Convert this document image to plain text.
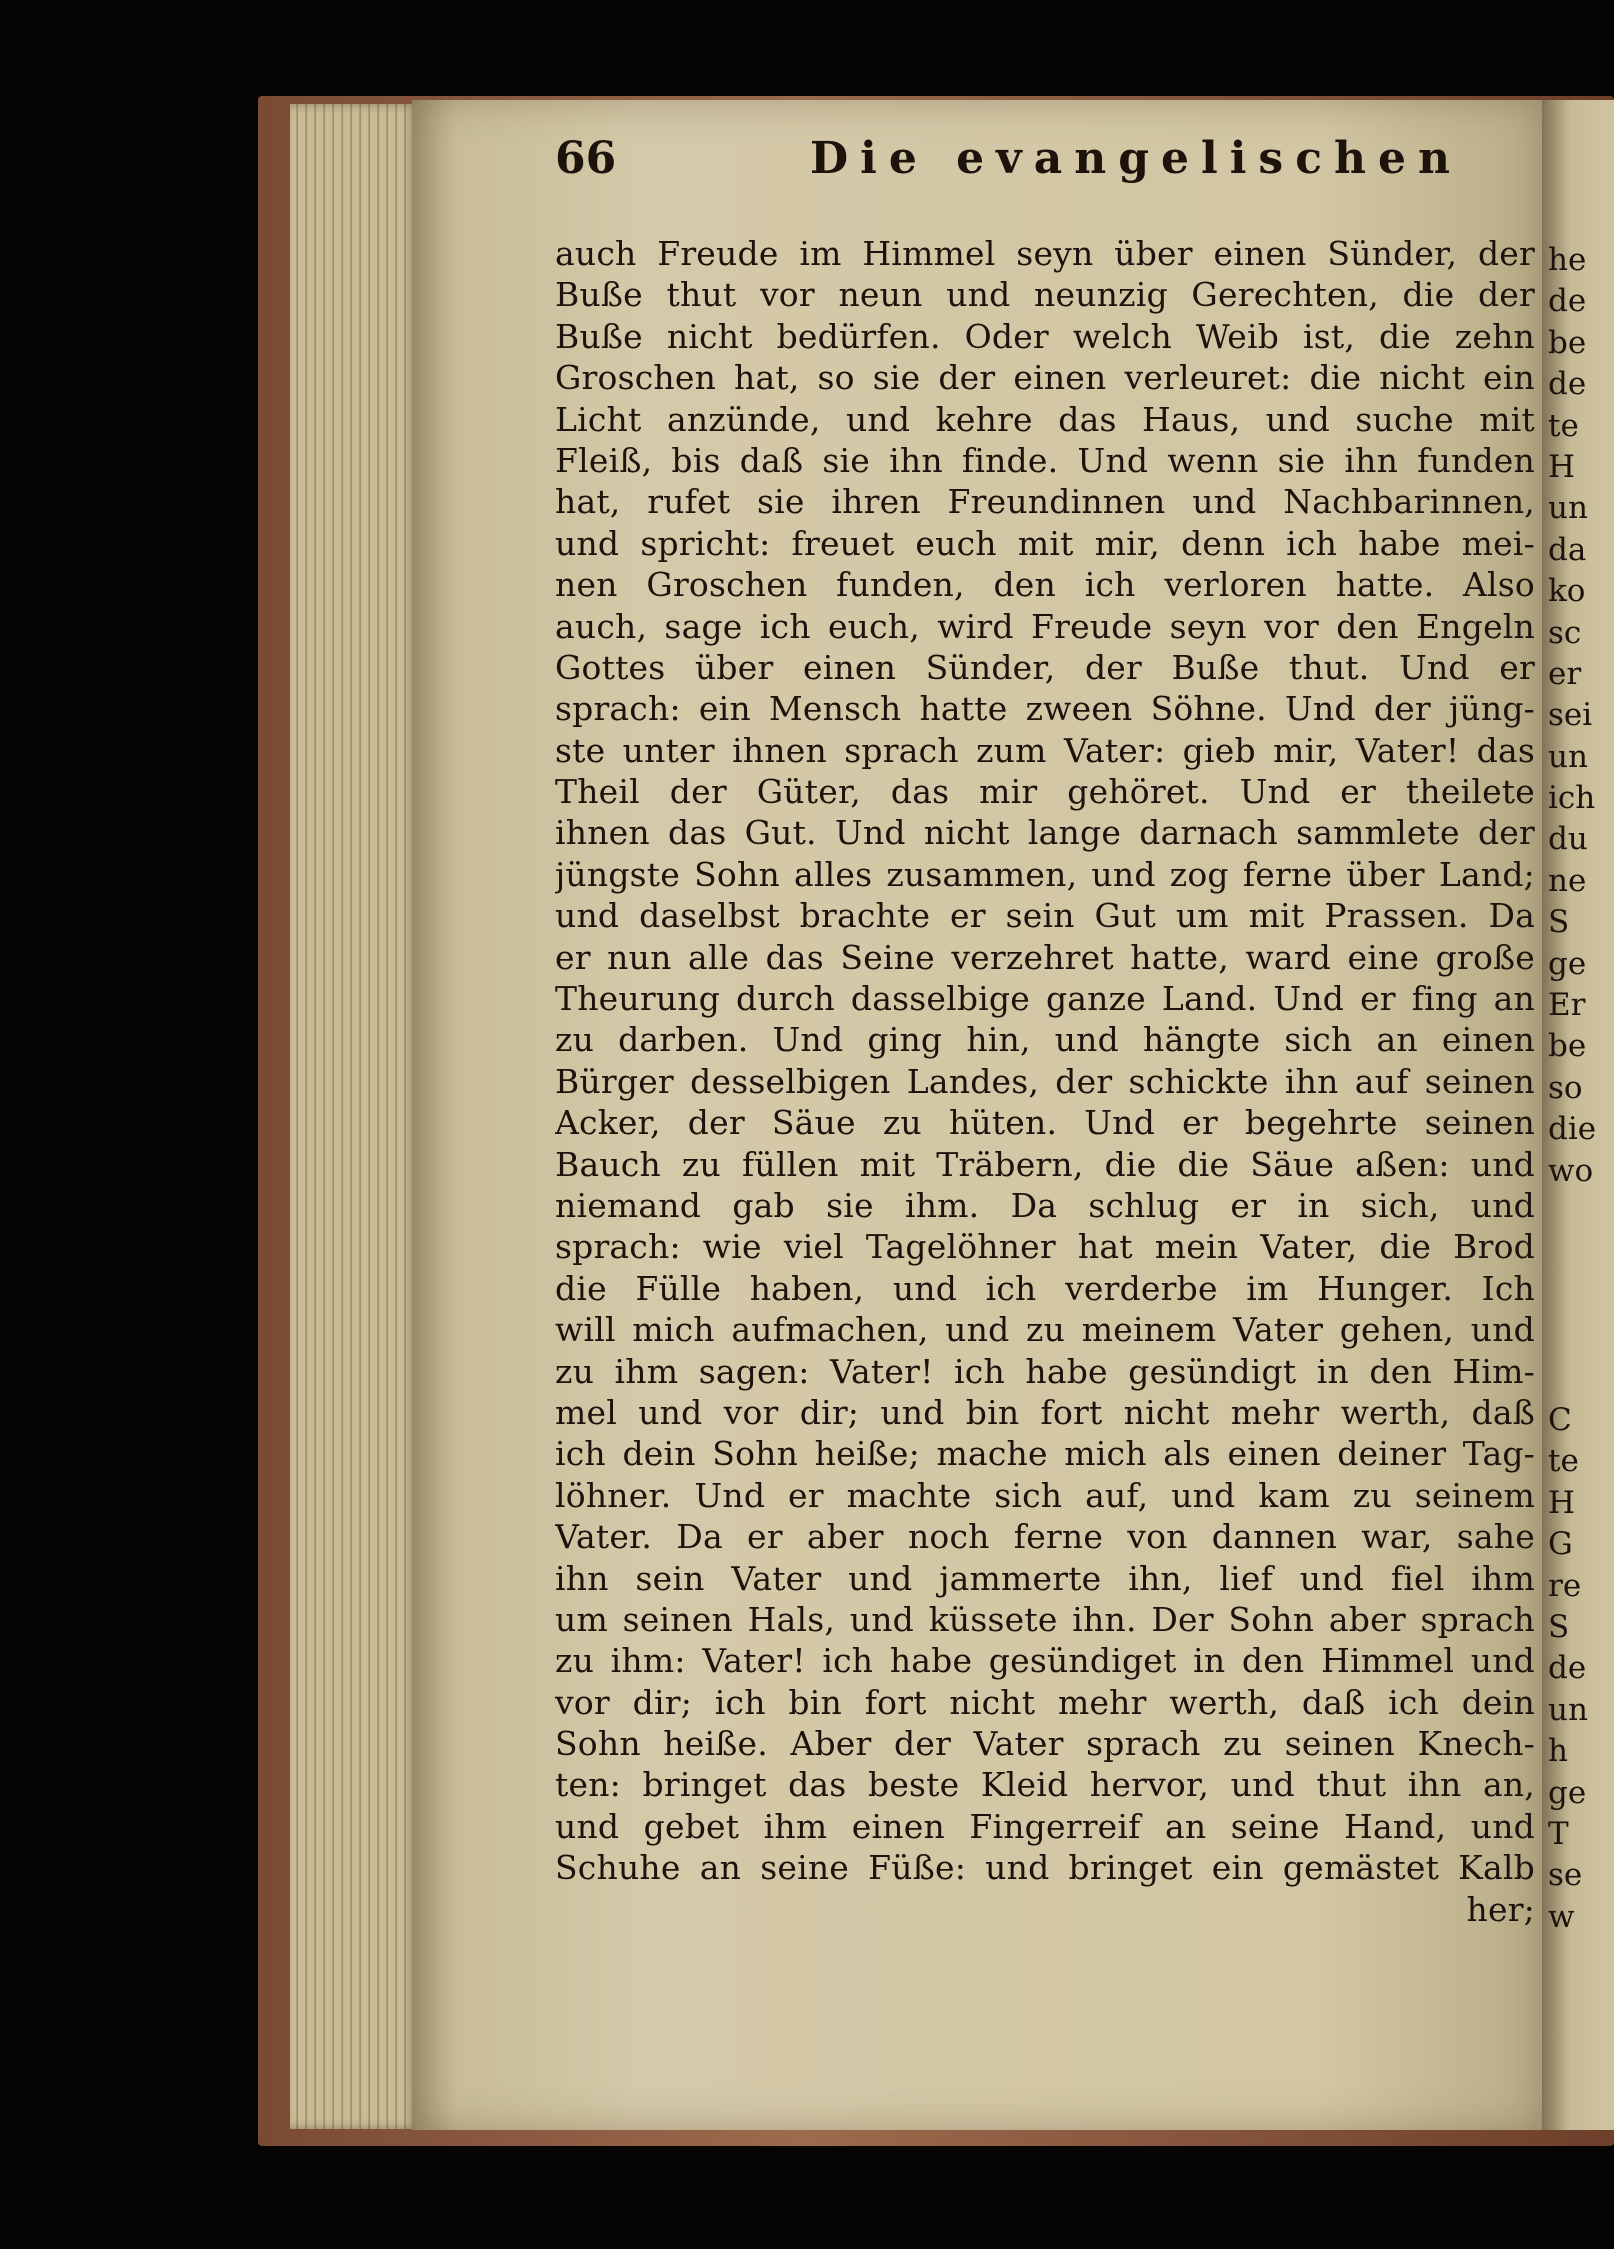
66	Die evangelischen
auch Freude im Himmel seyn über einen Sünder, der
Buße thut vor neun und neunzig Gerechten, die der
Buße nicht bedürfen. Oder welch Weib ist, die zehn
Groschen hat, so sie der einen verleuret: die nicht ein
Licht anzünde, und kehre das Haus, und suche mit
Fleiß, bis daß sie ihn finde. Und wenn sie ihn funden
hat, rufet sie ihren Freundinnen und Nachbarinnen,
und spricht: freuet euch mit mir, denn ich habe mei-
nen Groschen funden, den ich verloren hatte. Also
auch, sage ich euch, wird Freude seyn vor den Engeln
Gottes über einen Sünder, der Buße thut. Und er
sprach: ein Mensch hatte zween Söhne. Und der jüng-
ste unter ihnen sprach zum Vater: gieb mir, Vater! das
Theil der Güter, das mir gehöret. Und er theilete
ihnen das Gut. Und nicht lange darnach sammlete der
jüngste Sohn alles zusammen, und zog ferne über Land;
und daselbst brachte er sein Gut um mit Prassen. Da
er nun alle das Seine verzehret hatte, ward eine große
Theurung durch dasselbige ganze Land. Und er fing an
zu darben. Und ging hin, und hängte sich an einen
Bürger desselbigen Landes, der schickte ihn auf seinen
Acker, der Säue zu hüten. Und er begehrte seinen
Bauch zu füllen mit Träbern, die die Säue aßen: und
niemand gab sie ihm. Da schlug er in sich, und
sprach: wie viel Tagelöhner hat mein Vater, die Brod
die Fülle haben, und ich verderbe im Hunger. Ich
will mich aufmachen, und zu meinem Vater gehen, und
zu ihm sagen: Vater! ich habe gesündigt in den Him-
mel und vor dir; und bin fort nicht mehr werth, daß
ich dein Sohn heiße; mache mich als einen deiner Tag-
löhner. Und er machte sich auf, und kam zu seinem
Vater. Da er aber noch ferne von dannen war, sahe
ihn sein Vater und jammerte ihn, lief und fiel ihm
um seinen Hals, und küssete ihn. Der Sohn aber sprach
zu ihm: Vater! ich habe gesündiget in den Himmel und
vor dir; ich bin fort nicht mehr werth, daß ich dein
Sohn heiße. Aber der Vater sprach zu seinen Knech-
ten: bringet das beste Kleid hervor, und thut ihn an,
und gebet ihm einen Fingerreif an seine Hand, und
Schuhe an seine Füße: und bringet ein gemästet Kalb
her;
he
de
be
de
te
H
un
da
ko
sc
er
sei
un
ich
du
ne
S
ge
Er
be
so
die
wo
C
te
H
G
re
S
de
un
h
ge
T
se
w
